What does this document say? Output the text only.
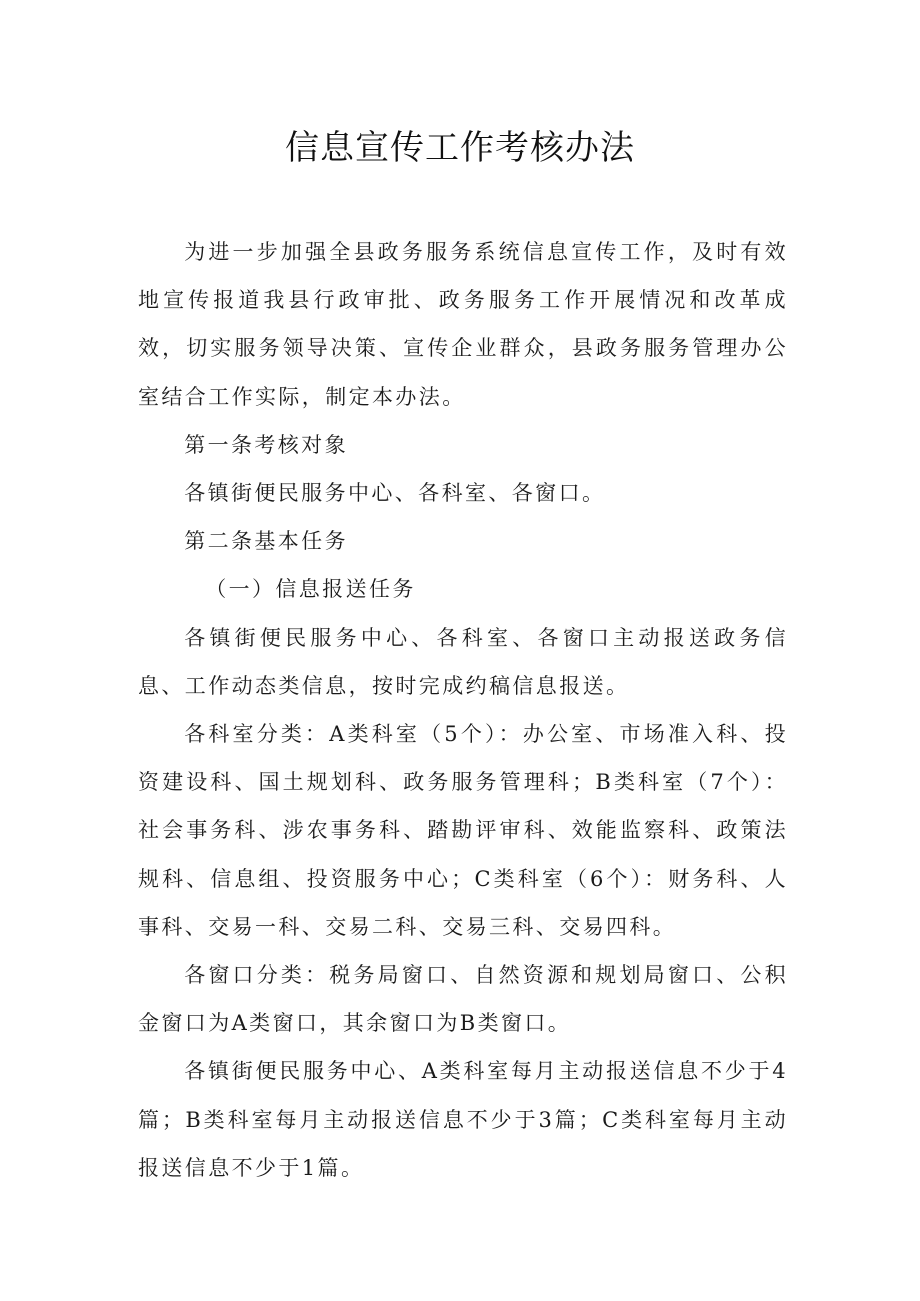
信息宣传工作考核办法

为进一步加强全县政务服务系统信息宣传工作，及时有效地宣传报道我县行政审批、政务服务工作开展情况和改革成效，切实服务领导决策、宣传企业群众，县政务服务管理办公室结合工作实际，制定本办法。

第一条考核对象

各镇街便民服务中心、各科室、各窗口。

第二条基本任务

（一）信息报送任务

各镇街便民服务中心、各科室、各窗口主动报送政务信息、工作动态类信息，按时完成约稿信息报送。

各科室分类：A类科室（5个）：办公室、市场准入科、投资建设科、国土规划科、政务服务管理科；B类科室（7个）：社会事务科、涉农事务科、踏勘评审科、效能监察科、政策法规科、信息组、投资服务中心；C类科室（6个）：财务科、人事科、交易一科、交易二科、交易三科、交易四科。

各窗口分类：税务局窗口、自然资源和规划局窗口、公积金窗口为A类窗口，其余窗口为B类窗口。

各镇街便民服务中心、A类科室每月主动报送信息不少于4篇；B类科室每月主动报送信息不少于3篇；C类科室每月主动报送信息不少于1篇。
